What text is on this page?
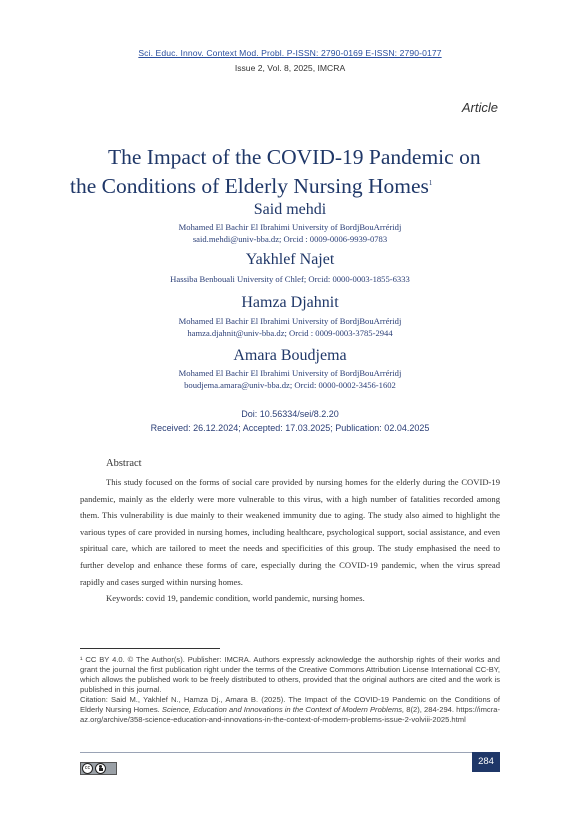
Sci. Educ. Innov. Context Mod. Probl. P-ISSN: 2790-0169 E-ISSN: 2790-0177
Issue 2, Vol. 8, 2025, IMCRA
Article
The Impact of the COVID-19 Pandemic on
the Conditions of Elderly Nursing Homes$^1$
Said mehdi
Mohamed El Bachir El Ibrahimi University of BordjBouArréridj
said.mehdi@univ-bba.dz; Orcid : 0009-0006-9939-0783
Yakhlef Najet
Hassiba Benbouali University of Chlef; Orcid: 0000-0003-1855-6333
Hamza Djahnit
Mohamed El Bachir El Ibrahimi University of BordjBouArréridj
hamza.djahnit@univ-bba.dz; Orcid : 0009-0003-3785-2944
Amara Boudjema
Mohamed El Bachir El Ibrahimi University of BordjBouArréridj
boudjema.amara@univ-bba.dz; Orcid: 0000-0002-3456-1602
Doi: 10.56334/sei/8.2.20
Received: 26.12.2024; Accepted: 17.03.2025; Publication: 02.04.2025
Abstract

This study focused on the forms of social care provided by nursing homes for the elderly during the COVID-19 pandemic, mainly as the elderly were more vulnerable to this virus, with a high number of fatalities recorded among them. This vulnerability is due mainly to their weakened immunity due to aging. The study also aimed to highlight the various types of care provided in nursing homes, including healthcare, psychological support, social assistance, and even spiritual care, which are tailored to meet the needs and specificities of this group. The study emphasised the need to further develop and enhance these forms of care, especially during the COVID-19 pandemic, when the virus spread rapidly and cases surged within nursing homes.

Keywords: covid 19, pandemic condition, world pandemic, nursing homes.

¹ CC BY 4.0. © The Author(s). Publisher: IMCRA. Authors expressly acknowledge the authorship rights of their works and grant the journal the first publication right under the terms of the Creative Commons Attribution License International CC-BY, which allows the published work to be freely distributed to others, provided that the original authors are cited and the work is published in this journal.

Citation: Said M., Yakhlef N., Hamza Dj., Amara B. (2025). The Impact of the COVID-19 Pandemic on the Conditions of Elderly Nursing Homes. Science, Education and Innovations in the Context of Modern Problems, 8(2), 284-294. https://imcra-az.org/archive/358-science-education-and-innovations-in-the-context-of-modern-problems-issue-2-volviii-2025.html

cc
284
